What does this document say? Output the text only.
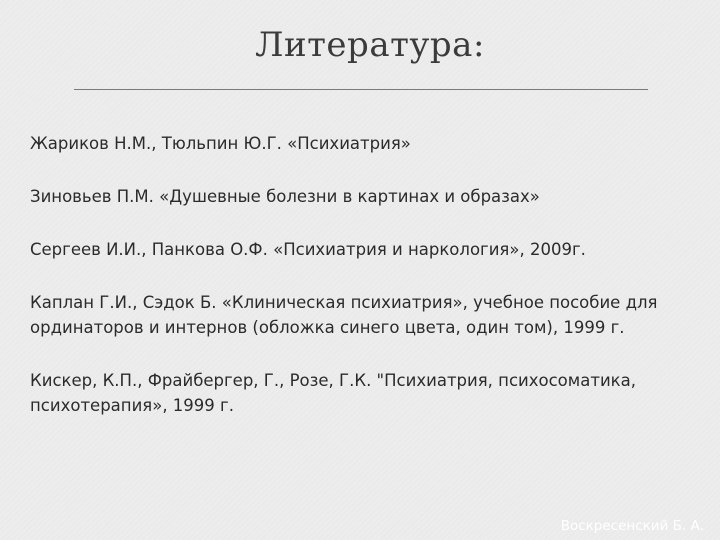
Литература:
Жариков Н.М., Тюльпин Ю.Г. «Психиатрия»
Зиновьев П.М. «Душевные болезни в картинах и образах»
Сергеев И.И., Панкова О.Ф. «Психиатрия и наркология», 2009г.
Каплан Г.И., Сэдок Б. «Клиническая психиатрия», учебное пособие для
ординаторов и интернов (обложка синего цвета, один том), 1999 г.
Кискер, К.П., Фрайбергер, Г., Розе, Г.К. "Психиатрия, психосоматика,
психотерапия», 1999 г.
Воскресенский Б. А.
